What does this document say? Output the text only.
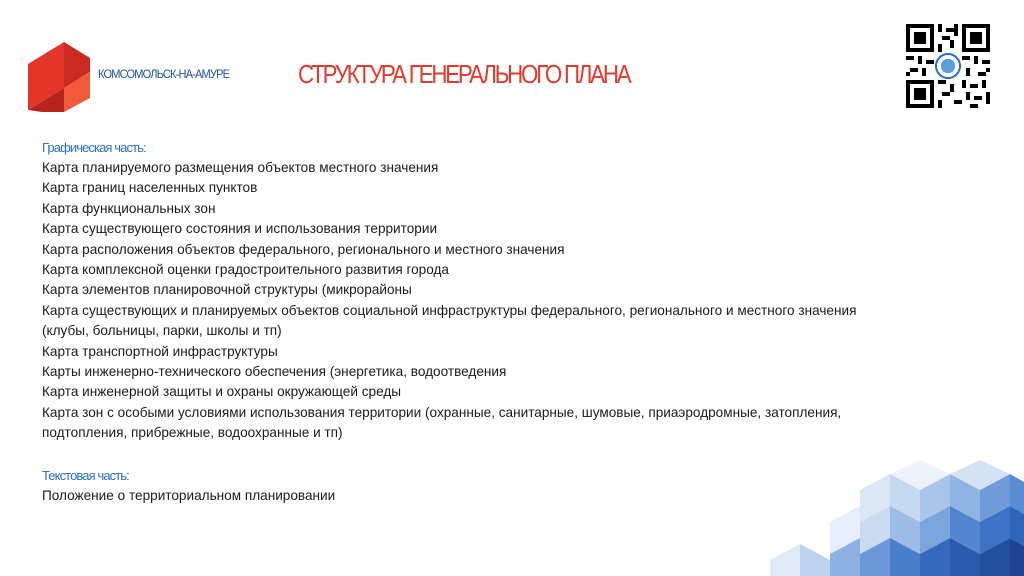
КОМСОМОЛЬСК-НА-АМУРЕ	СТРУКТУРА ГЕНЕРАЛЬНОГО ПЛАНА
Графическая часть:
Карта планируемого размещения объектов местного значения
Карта границ населенных пунктов
Карта функциональных зон
Карта существующего состояния и использования территории
Карта расположения объектов федерального, регионального и местного значения
Карта комплексной оценки градостроительного развития города
Карта элементов планировочной структуры (микрорайоны
Карта существующих и планируемых объектов социальной инфраструктуры федерального, регионального и местного значения
(клубы, больницы, парки, школы и тп)
Карта транспортной инфраструктуры
Карты инженерно-технического обеспечения (энергетика, водоотведения
Карта инженерной защиты и охраны окружающей среды
Карта зон с особыми условиями использования территории (охранные, санитарные, шумовые, приаэродромные, затопления,
подтопления, прибрежные, водоохранные и тп)
Текстовая часть:
Положение о территориальном планировании
